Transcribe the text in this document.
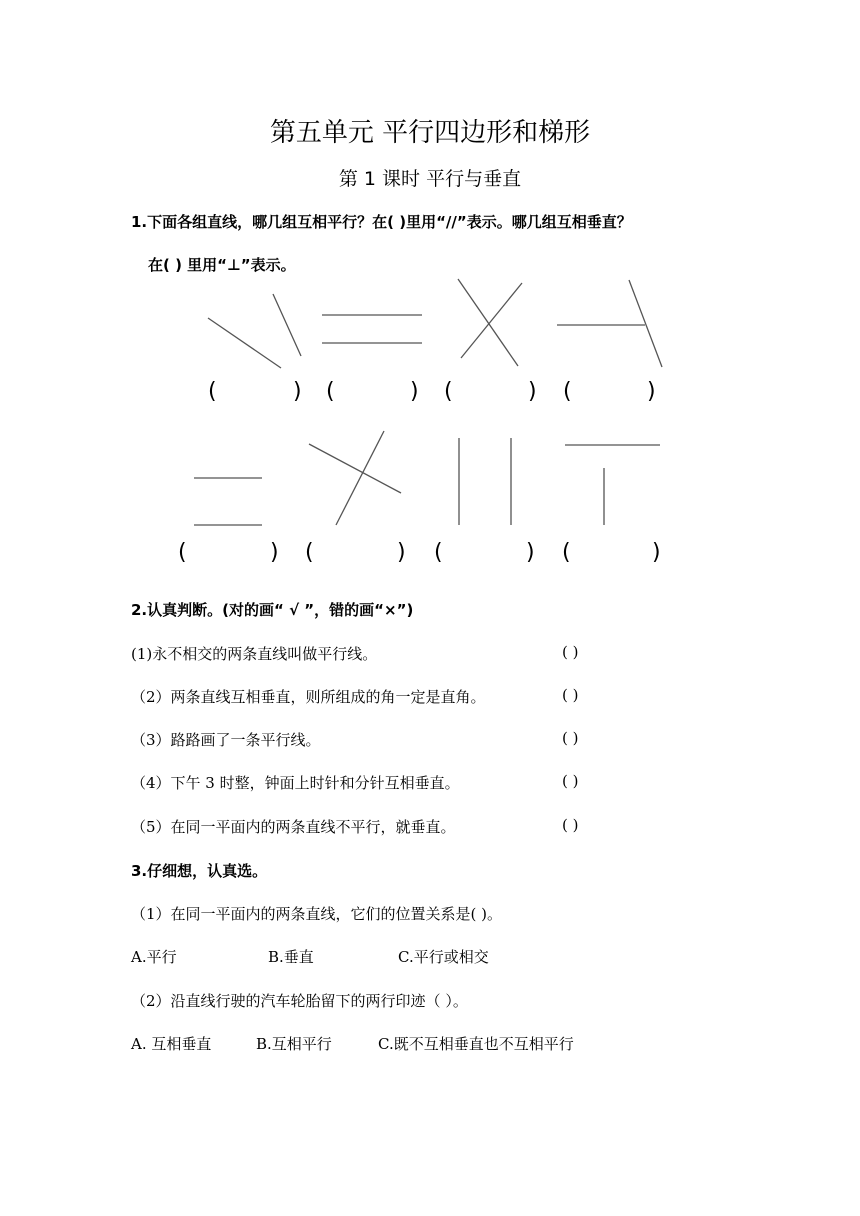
第五单元 平行四边形和梯形
第 1 课时 平行与垂直
1.下面各组直线，哪几组互相平行？在( )里用“//”表示。哪几组互相垂直？
在( ) 里用“⊥”表示。
(	) (	) (	) (	)
(	) (	) (	) (	)
2.认真判断。(对的画“ √ ”，错的画“×”)
(1)永不相交的两条直线叫做平行线。	( )
（2）两条直线互相垂直，则所组成的角一定是直角。	( )
（3）路路画了一条平行线。	( )
（4）下午 3 时整，钟面上时针和分针互相垂直。	( )
（5）在同一平面内的两条直线不平行，就垂直。	( )
3.仔细想，认真选。
（1）在同一平面内的两条直线，它们的位置关系是( )。
A.平行	B.垂直	C.平行或相交
（2）沿直线行驶的汽车轮胎留下的两行印迹（ ）。
A. 互相垂直	B.互相平行	C.既不互相垂直也不互相平行
